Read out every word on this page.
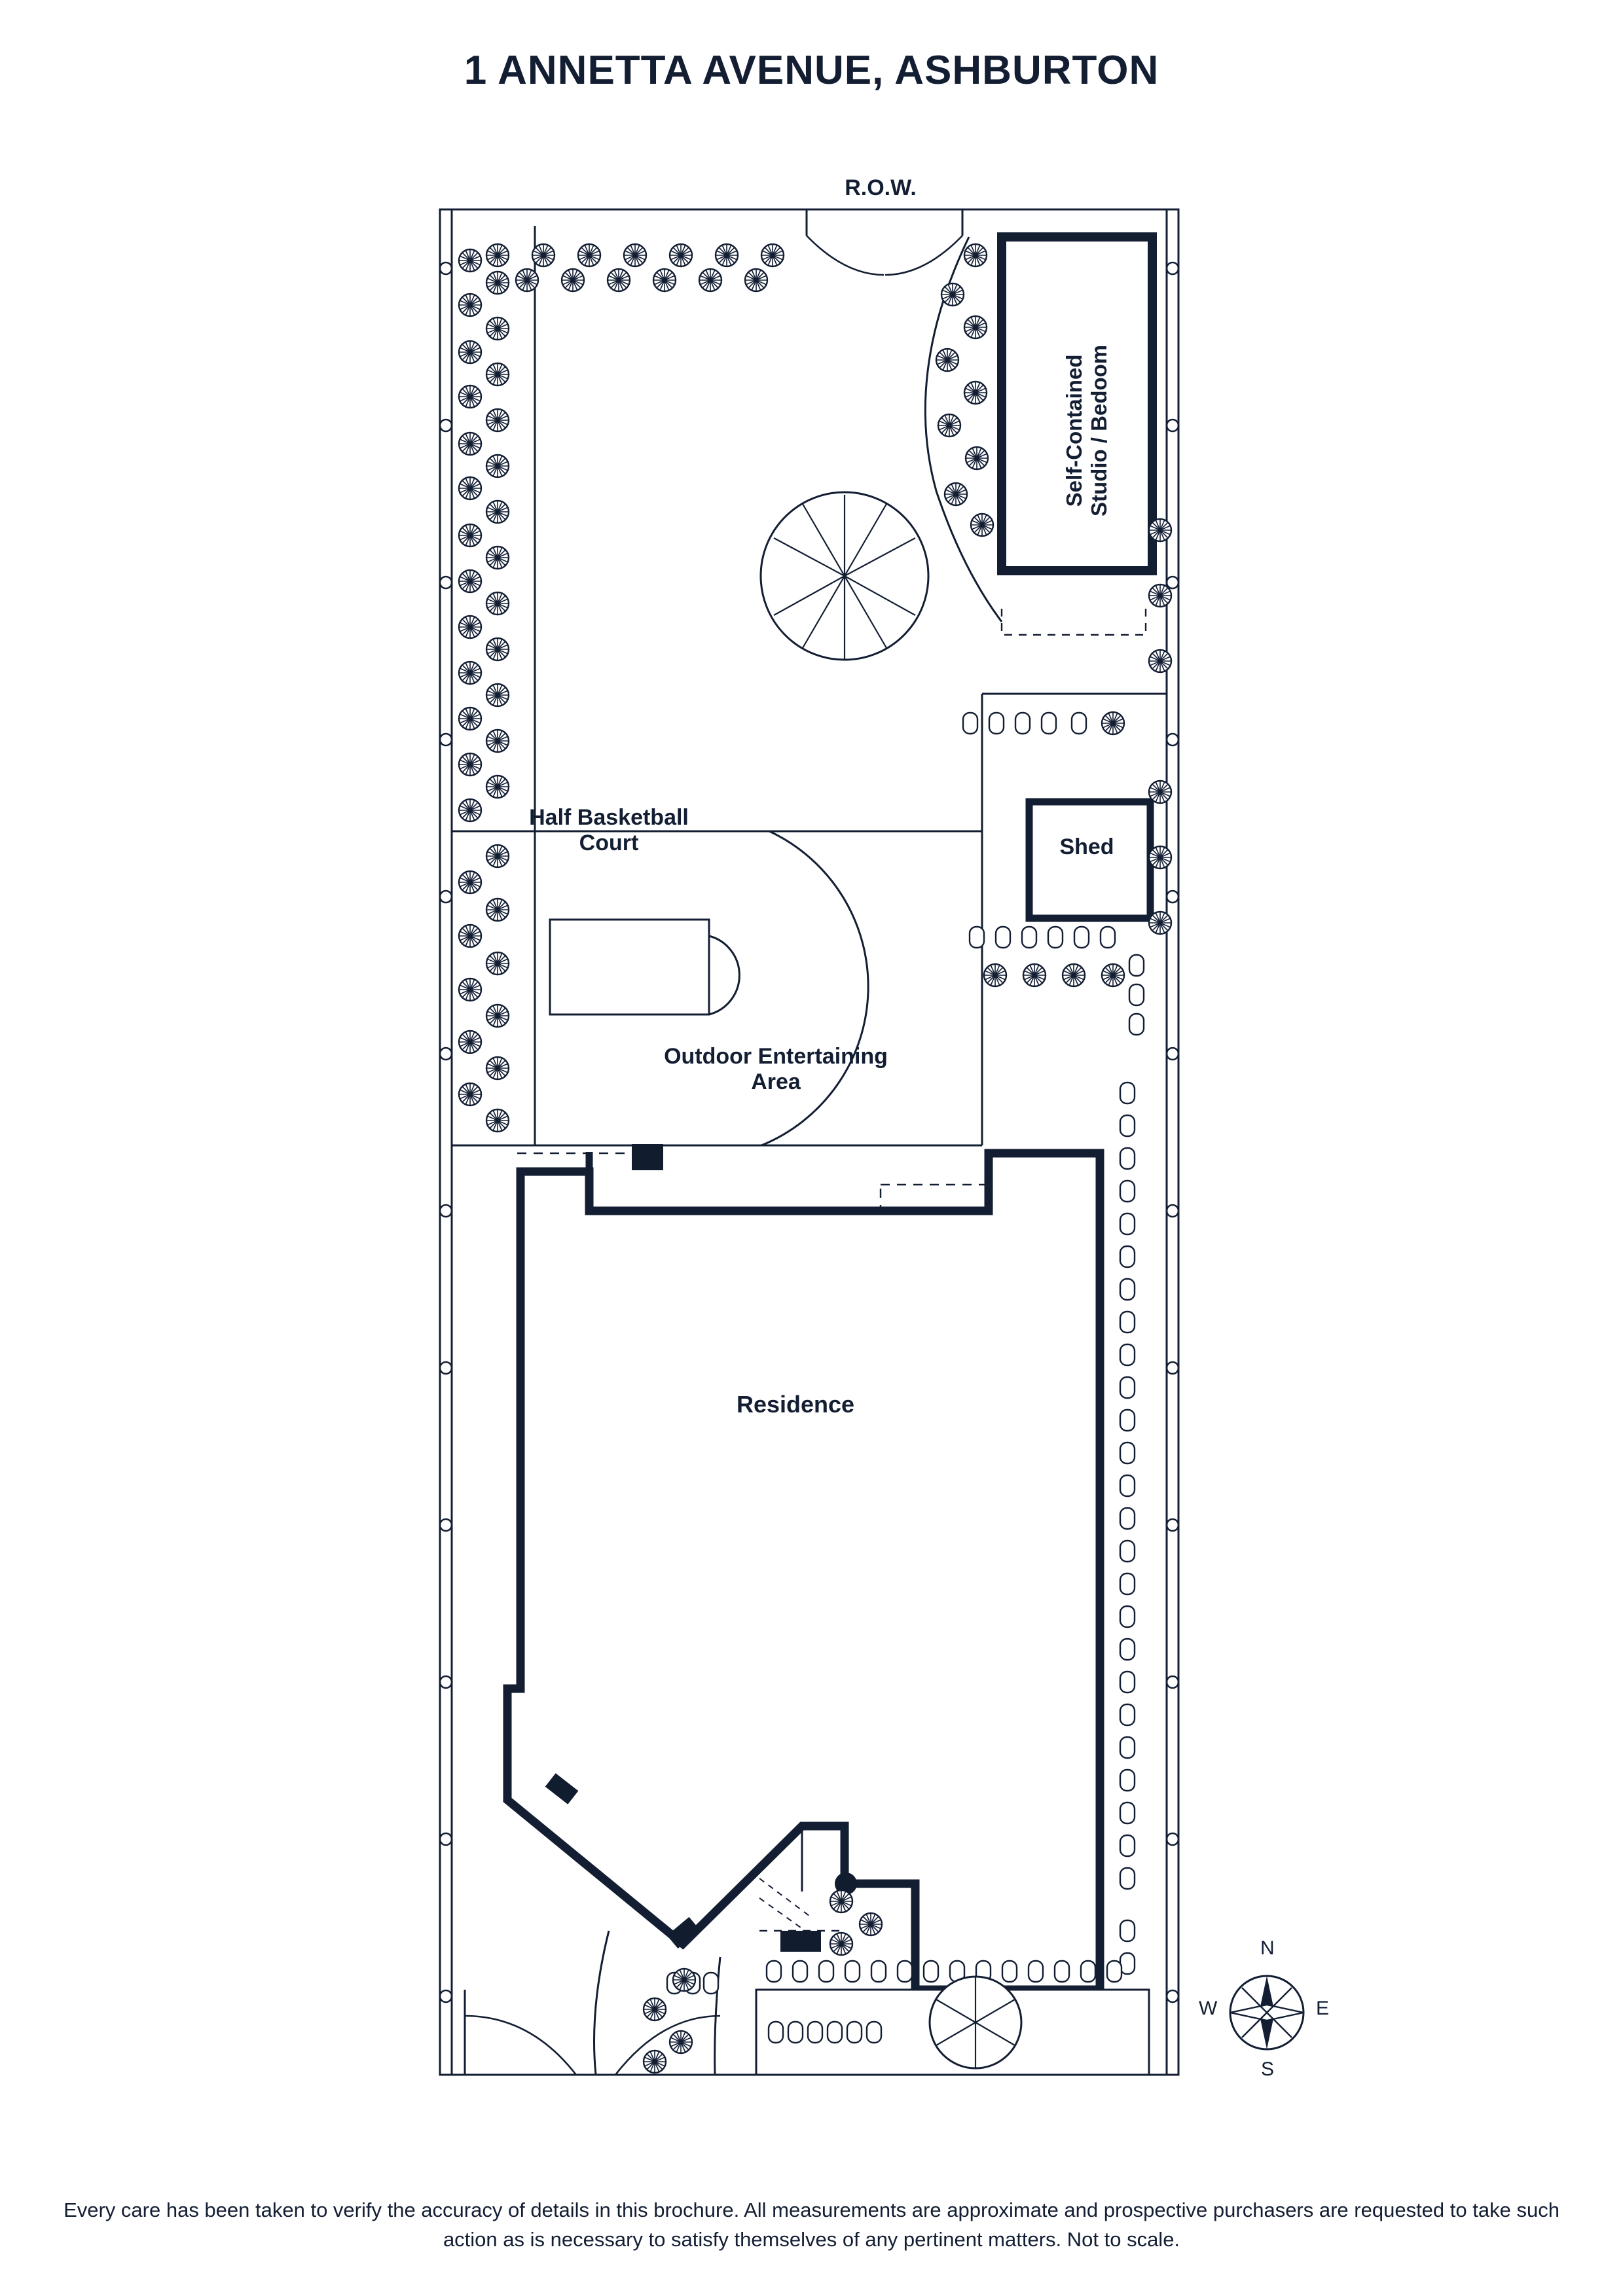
1 ANNETTA AVENUE, ASHBURTON
R.O.W.
Self-Contained Studio / Bedoom
Shed
Half Basketball Court
Outdoor Entertaining Area
Residence
N
S
E
W
Every care has been taken to verify the accuracy of details in this brochure. All measurements are approximate and prospective purchasers are requested to take such action as is necessary to satisfy themselves of any pertinent matters. Not to scale.
